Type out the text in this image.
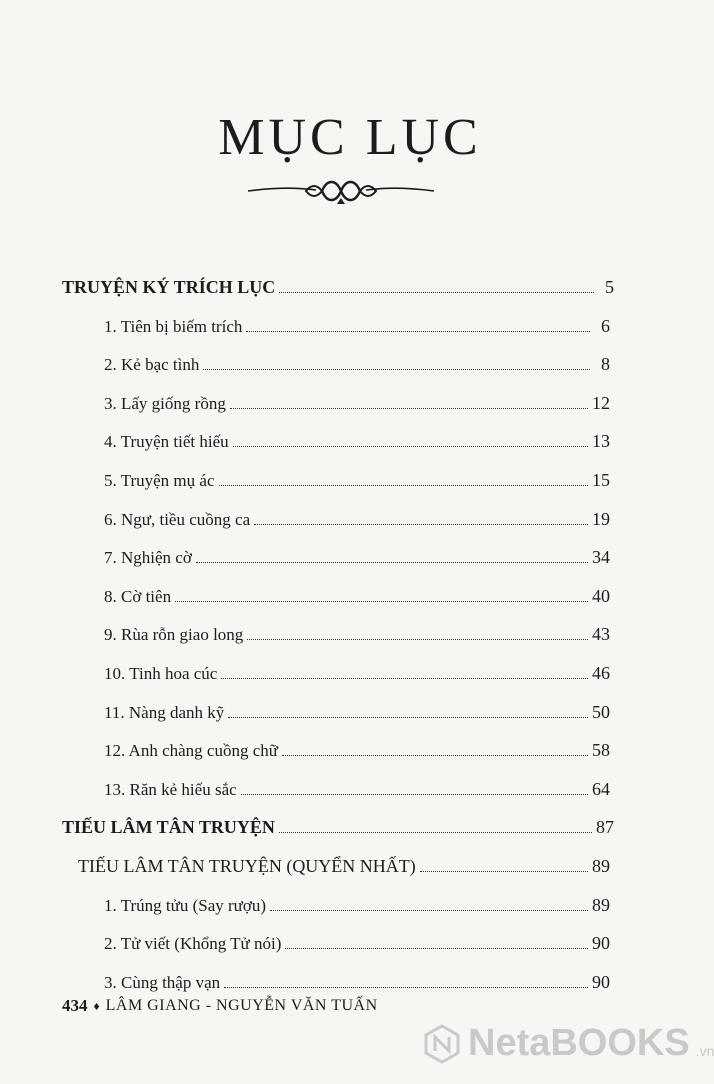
MỤC LỤC
TRUYỆN KÝ TRÍCH LỤC	5
1. Tiên bị biếm trích	6
2. Kẻ bạc tình	8
3. Lấy giống rồng	12
4. Truyện tiết hiếu	13
5. Truyện mụ ác	15
6. Ngư, tiều cuồng ca	19
7. Nghiện cờ	34
8. Cờ tiên	40
9. Rùa rỗn giao long	43
10. Tinh hoa cúc	46
11. Nàng danh kỹ	50
12. Anh chàng cuồng chữ	58
13. Răn kẻ hiếu sắc	64
TIẾU LÂM TÂN TRUYỆN	87
TIẾU LÂM TÂN TRUYỆN (QUYỂN NHẤT)	89
1. Trúng tửu (Say rượu)	89
2. Tử viết (Khổng Tử nói)	90
3. Cùng thập vạn	90
434 ♦ LÂM GIANG - NGUYỄN VĂN TUẤN
NetaBOOKS .vn
